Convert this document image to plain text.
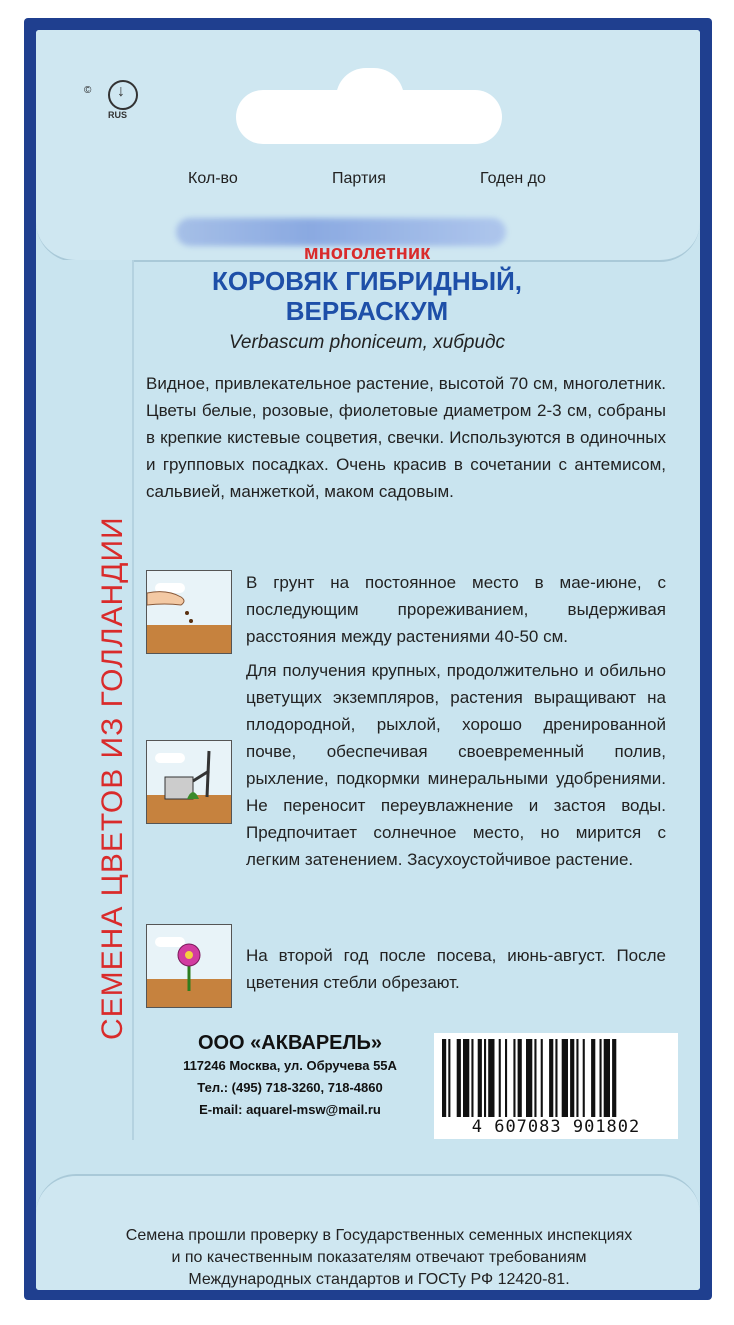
©
↓
RUS
Кол-во	Партия	Годен до
СЕМЕНА ЦВЕТОВ ИЗ ГОЛЛАНДИИ
Семена прошли проверку в Государственных семенных инспекциях
и по качественным показателям отвечают требованиям
Международных стандартов и ГОСТу РФ 12420-81.
многолетник
КОРОВЯК ГИБРИДНЫЙ,
ВЕРБАСКУМ
Verbascum phoniceum, хибридс
Видное, привлекательное растение, высотой 70 см, многолетник. Цветы белые, розовые, фиолетовые диаметром 2-3 см, собраны в крепкие кистевые соцветия, свечки. Используются в одиночных и групповых посадках. Очень красив в сочетании с антемисом, сальвией, манжеткой, маком садовым.
В грунт на постоянное место в мае-июне, с последующим прореживанием, выдерживая расстояния между растениями 40-50 см.
Для получения крупных, продолжительно и обильно цветущих экземпляров, растения выращивают на плодородной, рыхлой, хорошо дренированной почве, обеспечивая своевременный полив, рыхление, подкормки минеральными удобрениями. Не переносит переувлажнение и застоя воды. Предпочитает солнечное место, но мирится с легким затенением. Засухоустойчивое растение.
На второй год после посева, июнь-август. После цветения стебли обрезают.
ООО «АКВАРЕЛЬ»
117246 Москва, ул. Обручева 55А
Тел.: (495) 718-3260, 718-4860
E-mail: aquarel-msw@mail.ru
4 607083 901802
